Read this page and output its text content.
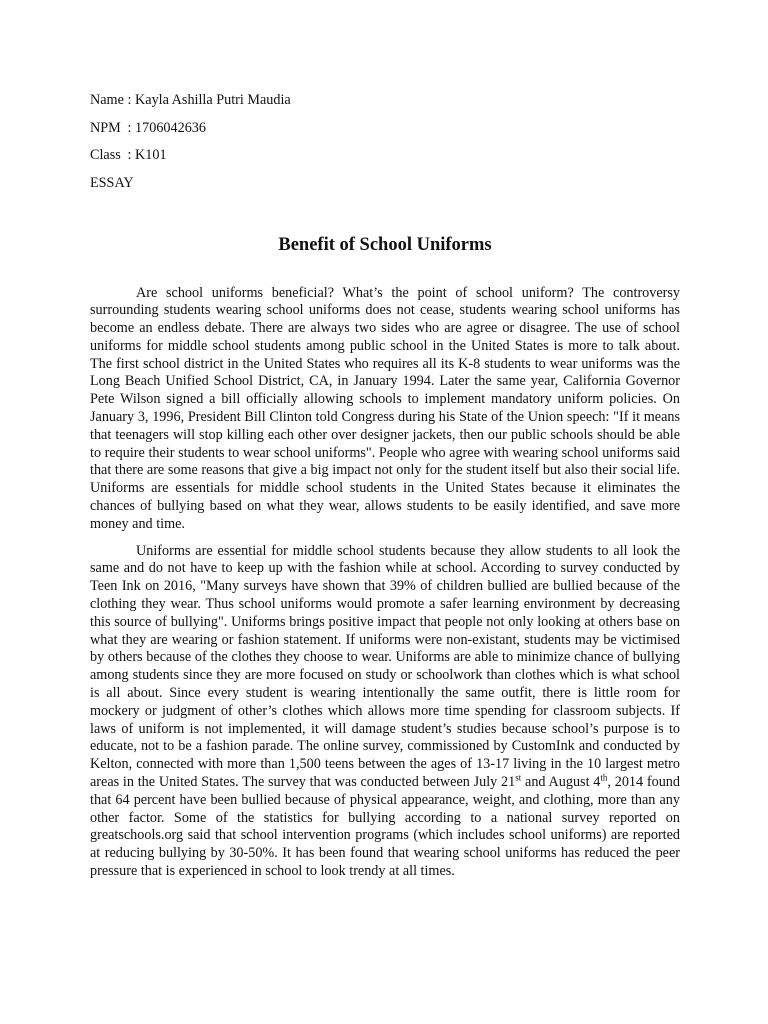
Name : Kayla Ashilla Putri Maudia
NPM : 1706042636
Class : K101
ESSAY
Benefit of School Uniforms

Are school uniforms beneficial? What’s the point of school uniform? The controversy surrounding students wearing school uniforms does not cease, students wearing school uniforms has become an endless debate. There are always two sides who are agree or disagree. The use of school uniforms for middle school students among public school in the United States is more to talk about. The first school district in the United States who requires all its K-8 students to wear uniforms was the Long Beach Unified School District, CA, in January 1994. Later the same year, California Governor Pete Wilson signed a bill officially allowing schools to implement mandatory uniform policies. On January 3, 1996, President Bill Clinton told Congress during his State of the Union speech: "If it means that teenagers will stop killing each other over designer jackets, then our public schools should be able to require their students to wear school uniforms". People who agree with wearing school uniforms said that there are some reasons that give a big impact not only for the student itself but also their social life. Uniforms are essentials for middle school students in the United States because it eliminates the chances of bullying based on what they wear, allows students to be easily identified, and save more money and time.

Uniforms are essential for middle school students because they allow students to all look the same and do not have to keep up with the fashion while at school. According to survey conducted by Teen Ink on 2016, "Many surveys have shown that 39% of children bullied are bullied because of the clothing they wear. Thus school uniforms would promote a safer learning environment by decreasing this source of bullying". Uniforms brings positive impact that people not only looking at others base on what they are wearing or fashion statement. If uniforms were non-existant, students may be victimised by others because of the clothes they choose to wear. Uniforms are able to minimize chance of bullying among students since they are more focused on study or schoolwork than clothes which is what school is all about. Since every student is wearing intentionally the same outfit, there is little room for mockery or judgment of other’s clothes which allows more time spending for classroom subjects. If laws of uniform is not implemented, it will damage student’s studies because school’s purpose is to educate, not to be a fashion parade. The online survey, commissioned by CustomInk and conducted by Kelton, connected with more than 1,500 teens between the ages of 13-17 living in the 10 largest metro areas in the United States. The survey that was conducted between July 21st and August 4th, 2014 found that 64 percent have been bullied because of physical appearance, weight, and clothing, more than any other factor. Some of the statistics for bullying according to a national survey reported on greatschools.org said that school intervention programs (which includes school uniforms) are reported at reducing bullying by 30-50%. It has been found that wearing school uniforms has reduced the peer pressure that is experienced in school to look trendy at all times.
